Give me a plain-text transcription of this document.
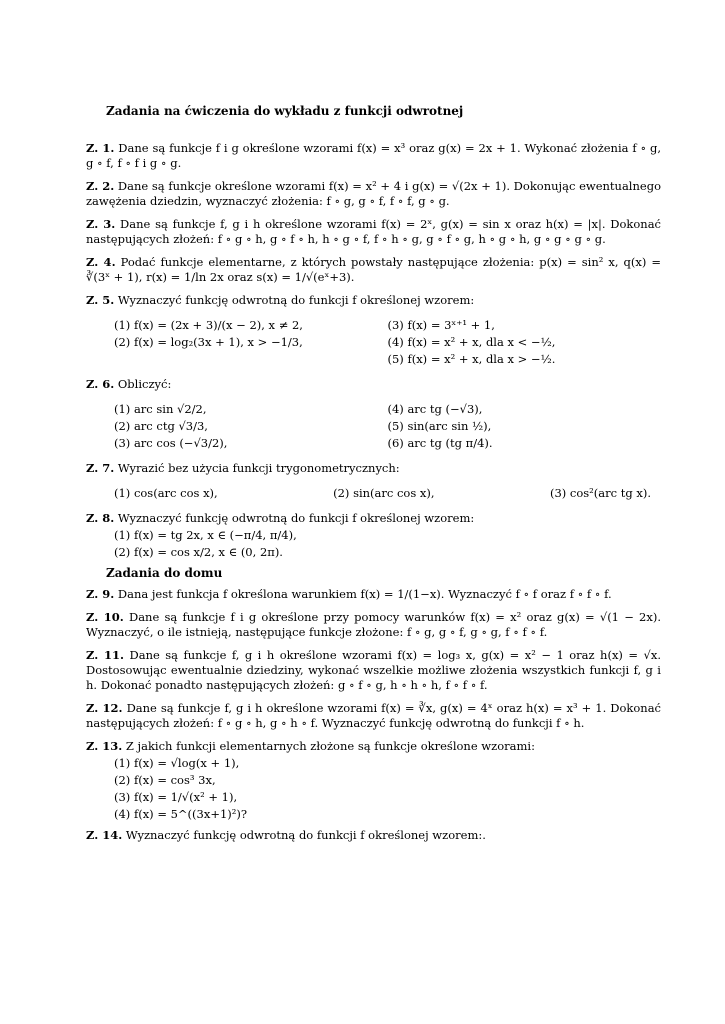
Zadania na ćwiczenia do wykładu z funkcji odwrotnej
Z. 1. Dane są funkcje f i g określone wzorami f(x) = x³ oraz g(x) = 2x + 1. Wykonać złożenia f ∘ g, g ∘ f, f ∘ f i g ∘ g.
Z. 2. Dane są funkcje określone wzorami f(x) = x² + 4 i g(x) = √(2x + 1). Dokonując ewentualnego zawężenia dziedzin, wyznaczyć złożenia: f ∘ g, g ∘ f, f ∘ f, g ∘ g.
Z. 3. Dane są funkcje f, g i h określone wzorami f(x) = 2ˣ, g(x) = sin x oraz h(x) = |x|. Dokonać następujących złożeń: f ∘ g ∘ h, g ∘ f ∘ h, h ∘ g ∘ f, f ∘ h ∘ g, g ∘ f ∘ g, h ∘ g ∘ h, g ∘ g ∘ g ∘ g.
Z. 4. Podać funkcje elementarne, z których powstały następujące złożenia: p(x) = sin² x, q(x) = ∛(3ˣ + 1), r(x) = 1/ln 2x oraz s(x) = 1/√(eˣ+3).
Z. 5. Wyznaczyć funkcję odwrotną do funkcji f określonej wzorem:
(1) f(x) = (2x + 3)/(x − 2), x ≠ 2,
(2) f(x) = log₂(3x + 1), x > −1/3,
(3) f(x) = 3ˣ⁺¹ + 1,
(4) f(x) = x² + x, dla x < −½,
(5) f(x) = x² + x, dla x > −½.
Z. 6. Obliczyć:
(1) arc sin √2/2,
(2) arc ctg √3/3,
(3) arc cos (−√3/2),
(4) arc tg (−√3),
(5) sin(arc sin ½),
(6) arc tg (tg π/4).
Z. 7. Wyrazić bez użycia funkcji trygonometrycznych:
(1) cos(arc cos x),	(2) sin(arc cos x),	(3) cos²(arc tg x).
Z. 8. Wyznaczyć funkcję odwrotną do funkcji f określonej wzorem:
(1) f(x) = tg 2x, x ∈ (−π/4, π/4),
(2) f(x) = cos x/2, x ∈ (0, 2π).
Zadania do domu
Z. 9. Dana jest funkcja f określona warunkiem f(x) = 1/(1−x). Wyznaczyć f ∘ f oraz f ∘ f ∘ f.
Z. 10. Dane są funkcje f i g określone przy pomocy warunków f(x) = x² oraz g(x) = √(1 − 2x). Wyznaczyć, o ile istnieją, następujące funkcje złożone: f ∘ g, g ∘ f, g ∘ g, f ∘ f ∘ f.
Z. 11. Dane są funkcje f, g i h określone wzorami f(x) = log₃ x, g(x) = x² − 1 oraz h(x) = √x. Dostosowując ewentualnie dziedziny, wykonać wszelkie możliwe złożenia wszystkich funkcji f, g i h. Dokonać ponadto następujących złożeń: g ∘ f ∘ g, h ∘ h ∘ h, f ∘ f ∘ f.
Z. 12. Dane są funkcje f, g i h określone wzorami f(x) = ∛x, g(x) = 4ˣ oraz h(x) = x³ + 1. Dokonać następujących złożeń: f ∘ g ∘ h, g ∘ h ∘ f. Wyznaczyć funkcję odwrotną do funkcji f ∘ h.
Z. 13. Z jakich funkcji elementarnych złożone są funkcje określone wzorami:
(1) f(x) = √log(x + 1),
(2) f(x) = cos³ 3x,
(3) f(x) = 1/√(x² + 1),
(4) f(x) = 5^((3x+1)²)?
Z. 14. Wyznaczyć funkcję odwrotną do funkcji f określonej wzorem:.
